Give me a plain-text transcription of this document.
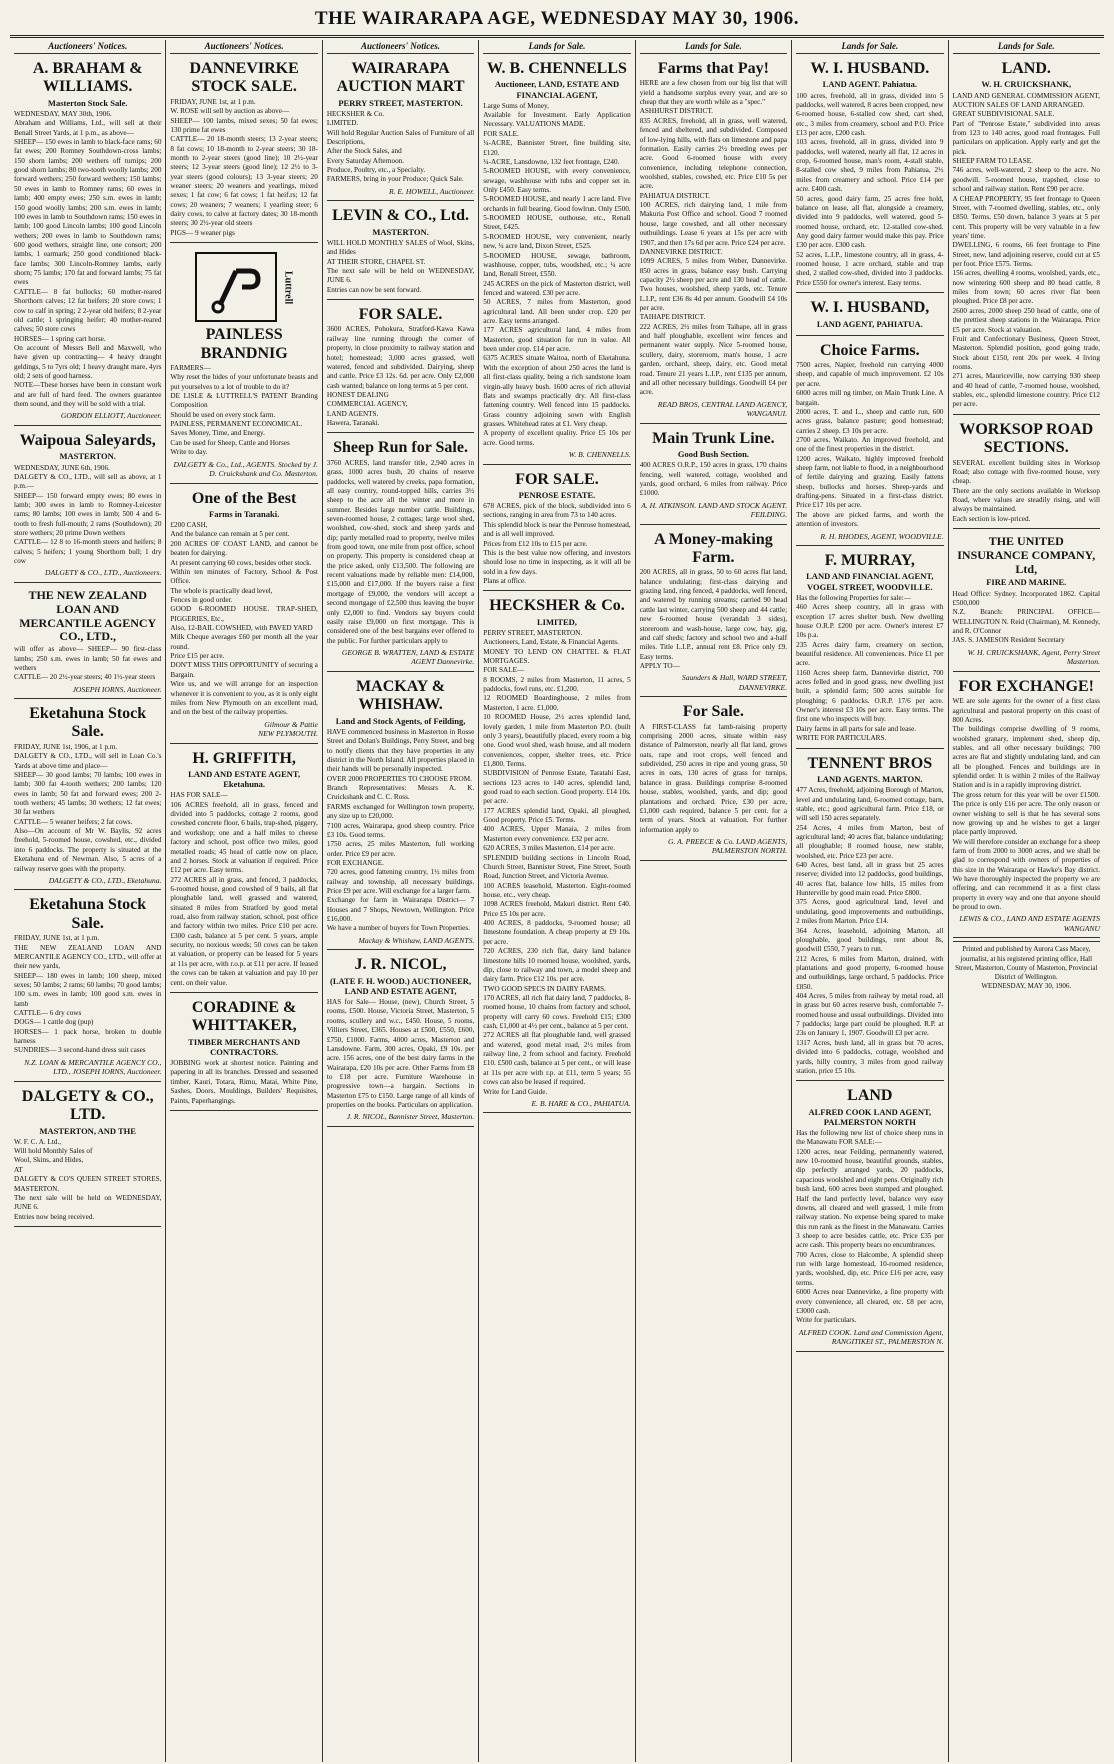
THE WAIRARAPA AGE, WEDNESDAY MAY 30, 1906.
Auctioneers' Notices.
A. BRAHAM & WILLIAMS.
Masterton Stock Sale.
WEDNESDAY, MAY 30th, 1906.
Abraham and Williams, Ltd., will sell at their Benall Street Yards, at 1 p.m., as above—
SHEEP— 150 ewes in lamb to black-face rams; 60 fat ewes; 200 Romney Southdown-cross lambs; 150 shorn lambs; 200 wethers off turnips; 200 good shorn lambs; 80 two-tooth woolly lambs; 200 forward wethers; 250 forward wethers; 150 lambs; 50 ewes in lamb to Romney rams; 60 ewes in lamb; 400 empty ewes; 250 s.m. ewes in lamb; 150 good woolly lambs; 200 s.m. ewes in lamb; 100 ewes in lamb to Southdown rams; 150 ewes in lamb; 100 good Lincoln lambs; 100 good Lincoln wethers; 200 ewes in lamb to Southdown rams; 600 good wethers, straight line, one consort; 200 lambs, 1 earmark; 250 good conditioned black-face lambs; 300 Lincoln-Romney lambs, early shorn; 75 lambs; 170 fat and forward lambs; 75 fat ewes
CATTLE— 8 fat bullocks; 60 mother-reared Shorthorn calves; 12 fat heifers; 20 store cows; 1 cow to calf in spring; 2 2-year old heifers; 8 2-year old cattle; 1 springing heifer; 40 mother-reared calves; 50 store cows
HORSES— 1 spring cart horse.
On account of Messrs Bell and Maxwell, who have given up contracting— 4 heavy draught geldings, 5 to 7yrs old; 1 heavy draught mare, 4yrs old; 2 sets of good harness.
NOTE—These horses have been in constant work and are full of hard feed. The owners guarantee them sound, and they will be sold with a trial.
GORDON ELLIOTT, Auctioneer.
Waipoua Saleyards,
MASTERTON.
WEDNESDAY, JUNE 6th, 1906.
DALGETY & CO., LTD., will sell as above, at 1 p.m.—
SHEEP— 150 forward empty ewes; 80 ewes in lamb; 300 ewes in lamb to Romney-Leicester rams; 80 lambs; 100 ewes in lamb; 500 4 and 6-tooth to fresh full-mouth; 2 rams (Southdown); 20 store wethers; 20 prime Down wethers
CATTLE— 12 8 to 16-month steers and heifers; 8 calves; 5 heifers; 1 young Shorthorn bull; 1 dry cow
DALGETY & CO., LTD., Auctioneers.
THE NEW ZEALAND LOAN AND MERCANTILE AGENCY CO., LTD.,
will offer as above— SHEEP— 90 first-class lambs; 250 s.m. ewes in lamb; 50 fat ewes and wethers
CATTLE— 20 2½-year steers; 40 1½-year steers
JOSEPH IORNS, Auctioneer.
Eketahuna Stock Sale.
FRIDAY, JUNE 1st, 1906, at 1 p.m.
DALGETY & CO., LTD., will sell in Loan Co.'s Yards at above time and place—
SHEEP— 30 good lambs; 70 lambs; 100 ewes in lamb; 300 fat 4-tooth wethers; 200 lambs; 120 ewes in lamb; 50 fat and forward ewes; 200 2-tooth wethers; 45 lambs; 30 wethers; 12 fat ewes; 30 fat wethers
CATTLE— 5 weaner heifers; 2 fat cows.
Also—On account of Mr W. Baylis, 92 acres freehold, 5-roomed house, cowshed, etc., divided into 6 paddocks. The property is situated at the Eketahuna end of Newman. Also, 5 acres of a railway reserve goes with the property.
DALGETY & CO., LTD., Eketahuna.
Eketahuna Stock Sale.
FRIDAY, JUNE 1st, at 1 p.m.
THE NEW ZEALAND LOAN AND MERCANTILE AGENCY CO., LTD., will offer at their new yards,
SHEEP— 180 ewes in lamb; 100 sheep, mixed sexes; 50 lambs; 2 rams; 60 lambs; 70 good lambs; 100 s.m. ewes in lamb; 100 good s.m. ewes in lamb
CATTLE— 6 dry cows
DOGS— 1 cattle dog (pup)
HORSES— 1 pack horse, broken to double harness
SUNDRIES— 3 second-hand dress suit cases
N.Z. LOAN & MERCANTILE AGENCY CO., LTD., JOSEPH IORNS, Auctioneer.
DALGETY & CO., LTD.
MASTERTON, AND THE
W. F. C. A. Ltd.,
Will hold Monthly Sales of
Wool, Skins, and Hides,
AT
DALGETY & CO'S QUEEN STREET STORES, MASTERTON.
The next sale will be held on WEDNESDAY, JUNE 6.
Entries now being received.
Auctioneers' Notices.
DANNEVIRKE STOCK SALE.
FRIDAY, JUNE 1st, at 1 p.m.
W. ROSE will sell by auction as above—
SHEEP— 100 lambs, mixed sexes; 50 fat ewes; 130 prime fat ewes
CATTLE— 20 18-month steers; 13 2-year steers; 8 fat cows; 10 18-month to 2-year steers; 30 18-month to 2-year steers (good line); 10 2½-year steers; 12 3-year steers (good line); 12 2½ to 3-year steers (good colours); 13 3-year steers; 20 weaner steers; 20 weaners and yearlings, mixed sexes; 1 fat cow; 6 fat cows; 1 fat heif.rs; 12 fat cows; 20 weaners; 7 weaners; 1 yearling steer; 6 dairy cows, to calve at factory dates; 30 18-month steers; 30 2½-year old steers
PIGS— 9 weaner pigs
Luttrell
PAINLESS BRANDNIG
FARMERS—
Why reset the hides of your unfortunate beasts and put yourselves to a lot of trouble to do it?
DE LISLE & LUTTRELL'S PATENT Branding Composition
Should be used on every stock farm.
PAINLESS, PERMANENT ECONOMICAL.
Saves Money, Time, and Energy.
Can be used for Sheep, Cattle and Horses
Write to day.
DALGETY & Co., Ltd., AGENTS. Stocked by J. D. Cruickshank and Co. Masterton.
One of the Best
Farms in Taranaki.
£200 CASH,
And the balance can remain at 5 per cent.
200 ACRES OF COAST LAND, and cannot be beaten for dairying.
At present carrying 60 cows, besides other stock.
Within ten minutes of Factory, School & Post Office.
The whole is practically dead level,
Fences in good order.
GOOD 6-ROOMED HOUSE. TRAP-SHED, PIGGERIES, Etc.,
Also, 12-BAIL COWSHED, with PAVED YARD
Milk Cheque averages £60 per month all the year round.
Price £15 per acre.
DON'T MISS THIS OPPORTUNITY of securing a Bargain.
Wire us, and we will arrange for an inspection whenever it is convenient to you, as it is only eight miles from New Plymouth on an excellent road, and on the best of the railway properties.
Gilmour & Pattie
NEW PLYMOUTH.
H. GRIFFITH,
LAND AND ESTATE AGENT, Eketahuna.
HAS FOR SALE—
106 ACRES freehold, all in grass, fenced and divided into 5 paddocks, cottage 2 rooms, good cowshed concrete floor, 6 bails, trap-shed, piggery, and workshop; one and a half miles to cheese factory and school, post office two miles, good metalled roads; 45 head of cattle now on place, and 2 horses. Stock at valuation if required. Price £12 per acre. Easy terms.
272 ACRES all in grass, and fenced, 3 paddocks, 6-roomed house, good cowshed of 9 bails, all flat ploughable land, well grassed and watered, situated 8 miles from Stratford by good metal road, also from railway station, school, post office and factory within two miles. Price £10 per acre. £300 cash, balance at 5 per cent. 5 years, ample security, no noxious weeds; 50 cows can be taken at valuation, or property can be leased for 5 years at 11s per acre, with r.o.p. at £11 per acre. If leased the cows can be taken at valuation and pay 10 per cent. on their value.
CORADINE & WHITTAKER,
TIMBER MERCHANTS AND CONTRACTORS.
JOBBING work at shortest notice. Painting and papering in all its branches. Dressed and seasoned timber, Kauri, Totara, Rimu, Matai, White Pine, Sashes, Doors, Mouldings, Builders' Requisites, Paints, Paperhangings.
Auctioneers' Notices.
WAIRARAPA AUCTION MART
PERRY STREET, MASTERTON.
HECKSHER & Co.
LIMITED.
Will hold Regular Auction Sales of Furniture of all Descriptions,
After the Stock Sales, and
Every Saturday Afternoon.
Produce, Poultry, etc., a Specialty.
FARMERS, bring in your Produce; Quick Sale.
R. E. HOWELL, Auctioneer.
LEVIN & CO., Ltd.
MASTERTON.
WILL HOLD MONTHLY SALES of Wool, Skins, and Hides
AT THEIR STORE, CHAPEL ST.
The next sale will be held on WEDNESDAY, JUNE 6.
Entries can now be sent forward.
FOR SALE.
3600 ACRES, Pohokura, Stratford-Kawa Kawa railway line running through the corner of property, in close proximity to railway station and hotel; homestead; 3,000 acres grassed, well watered, fenced and subdivided. Dairying, sheep and cattle. Price £3 12s. 6d. per acre. Only £2,000 cash wanted; balance on long terms at 5 per cent.
HONEST DEALING
COMMERCIAL AGENCY,
LAND AGENTS.
Hawera, Taranaki.
Sheep Run for Sale.
3760 ACRES, land transfer title, 2,940 acres in grass, 1000 acres bush, 20 chains of reserve paddocks, well watered by creeks, papa formation, all easy country, round-topped hills, carries 3½ sheep to the acre all the winter and more in summer. Besides large number cattle. Buildings, seven-roomed house, 2 cottages; large wool shed, woolshed, cow-shed, stock and sheep yards and dip; partly metalled road to property, twelve miles from good town, one mile from post office, school on property. This property is considered cheap at the price asked, only £13,500. The following are recent valuations made by reliable men: £14,000, £15,000 and £17,000. If the buyers raise a first mortgage of £9,000, the vendors will accept a second mortgage of £2,500 thus leaving the buyer only £2,000 to find. Vendors say buyers could easily raise £9,000 on first mortgage. This is considered one of the best bargains ever offered to the public. For further particulars apply to
GEORGE B. WRATTEN, LAND & ESTATE AGENT Dannevirke.
MACKAY & WHISHAW.
Land and Stock Agents, of Feilding,
HAVE commenced business in Masterton in Rosse Street and Dolan's Buildings, Perry Street, and beg to notify clients that they have properties in any district in the North Island. All properties placed in their hands will be personally inspected.
OVER 2000 PROPERTIES TO CHOOSE FROM.
Branch Representatives: Messrs A. K. Cruickshank and C. C. Ross.
FARMS exchanged for Wellington town property, any size up to £20,000.
7100 acres, Wairarapa, good sheep country. Price £3 10s. Good terms.
1750 acres, 25 miles Masterton, full working order. Price £9 per acre.
FOR EXCHANGE.
720 acres, good fattening country, 1½ miles from railway and township, all necessary buildings. Price £9 per acre. Will exchange for a larger farm.
Exchange for farm in Wairarapa District— 7 Houses and 7 Shops, Newtown, Wellington. Price £16,000.
We have a number of buyers for Town Properties.
Mackay & Whishaw, LAND AGENTS.
J. R. NICOL,
(LATE F. H. WOOD.) AUCTIONEER, LAND AND ESTATE AGENT,
HAS for Sale— House, (new), Church Street, 5 rooms, £500. House, Victoria Street, Masterton, 5 rooms, scullery and w.c., £450. House, 5 rooms, Villiers Street, £365. Houses at £500, £550, £600, £750, £1000. Farms, 4000 acres, Masterton and Lansdowne. Farm, 300 acres, Opaki, £9 10s. per acre. 156 acres, one of the best dairy farms in the Wairarapa, £20 10s per acre. Other Farms from £8 to £18 per acre. Furniture Warehouse in progressive town—a bargain. Sections in Masterton £75 to £150. Large range of all kinds of properties on the books. Particulars on application.
J. R. NICOL, Bannister Street, Masterton.
Lands for Sale.
W. B. CHENNELLS
Auctioneer, LAND, ESTATE AND FINANCIAL AGENT,
Large Sums of Money,
Available for Investment. Early Application Necessary. VALUATIONS MADE.
FOR SALE.
¼-ACRE, Bannister Street, fine building site, £120.
¼-ACRE, Lansdowne, 132 feet frontage, £240.
5-ROOMED HOUSE, with every convenience, sewage, washhouse with tubs and copper set in. Only £450. Easy terms.
5-ROOMED HOUSE, and nearly 1 acre land. Five orchards in full bearing. Good fowlrun. Only £500.
5-ROOMED HOUSE, outhouse, etc., Renall Street, £425.
5-ROOMED HOUSE, very convenient, nearly new, ¼ acre land, Dixon Street, £525.
5-ROOMED HOUSE, sewage, bathroom, washhouse, copper, tubs, woodshed, etc.; ¼ acre land, Renall Street, £550.
245 ACRES on the pick of Masterton district, well fenced and watered. £30 per acre.
50 ACRES, 7 miles from Masterton, good agricultural land. All been under crop. £20 per acre. Easy terms arranged.
177 ACRES agricultural land, 4 miles from Masterton, good situation for run in value. All been under crop. £14 per acre.
6375 ACRES situate Waitoa, north of Eketahuna. With the exception of about 250 acres the land is all first-class quality, being a rich sandstone loam virgin-ally heavy bush. 1600 acres of rich alluvial flats and swamps practically dry. All first-class fattening country. Well fenced into 15 paddocks. Grass country adjoining sown with English grasses. Whitehead rates at £1. Very cheap.
A property of excellent quality. Price £5 10s per acre. Good terms.
W. B. CHENNELLS.
FOR SALE.
PENROSE ESTATE.
678 ACRES, pick of the block, subdivided into 6 sections, ranging in area from 73 to 140 acres.
This splendid block is near the Penrose homestead, and is all well improved.
Prices from £12 10s to £15 per acre.
This is the best value now offering, and investors should lose no time in inspecting, as it will all be sold in a few days.
Plans at office.
HECKSHER & Co.
LIMITED,
PERRY STREET, MASTERTON.
Auctioneers, Land, Estate, & Financial Agents.
MONEY TO LEND ON CHATTEL & FLAT MORTGAGES.
FOR SALE—
8 ROOMS, 2 miles from Masterton, 11 acres, 5 paddocks, fowl runs, etc. £1,200.
12 ROOMED Boardinghouse, 2 miles from Masterton, 1 acre. £1,000.
10 ROOMED House, 2½ acres splendid land, lovely garden, 1 mile from Masterton P.O. (built only 3 years), beautifully placed, every room a big one. Good wool shed, wash house, and all modern conveniences, copper, shelter trees, etc. Price £1,800. Terms.
SUBDIVISION of Penrose Estate, Taratahi East, sections 123 acres to 140 acres, splendid land, good road to each section. Good property. £14 10s. per acre.
177 ACRES splendid land, Opaki, all ploughed, Good property. Price £5. Terms.
400 ACRES, Upper Manaia, 2 miles from Masterton every convenience. £32 per acre.
620 ACRES, 3 miles Masterton, £14 per acre.
SPLENDID building sections in Lincoln Road, Church Street, Bannister Street, Fine Street, South Road, Junction Street, and Victoria Avenue.
100 ACRES leasehold, Masterton. Eight-roomed house, etc., very cheap.
1098 ACRES freehold, Makuri district. Rent £40. Price £5 10s per acre.
400 ACRES, 8 paddocks, 9-roomed house; all limestone foundation. A cheap property at £9 10s. per acre.
720 ACRES, 230 rich flat, dairy land balance limestone hills 10 roomed house, woolshed, yards, dip, close to railway and town, a model sheep and dairy farm. Price £12 10s. per acre.
TWO GOOD SPECS IN DAIRY FARMS.
170 ACRES, all rich flat dairy land, 7 paddocks, 8-roomed house, 10 chains from factory and school, property will carry 60 cows. Freehold £15; £300 cash, £1,000 at 4½ per cent., balance at 5 per cent.
272 ACRES all flat ploughable land, well grassed and watered, good metal road, 2½ miles from railway line, 2 from school and factory. Freehold £10. £500 cash, balance at 5 per cent., or will lease at 11s per acre with r.p. at £11, term 5 years; 55 cows can also be leased if required.
Write for Land Guide.
E. B. HARE & CO., PAHIATUA.
Lands for Sale.
Farms that Pay!
HERE are a few chosen from our big list that will yield a handsome surplus every year, and are so cheap that they are worth while as a "spec."
ASHHURST DISTRICT.
835 ACRES, freehold, all in grass, well watered, fenced and sheltered, and subdivided. Composed of low-lying hills, with flats on limestone and papa formation. Easily carries 2½ breeding ewes per acre. Good 6-roomed house with every convenience, including telephone connection, woolshed, stables, cowshed, etc. Price £10 5s per acre.
PAHIATUA DISTRICT.
100 ACRES, rich dairying land, 1 mile from Makuria Post Office and school. Good 7 roomed house, large cowshed, and all other necessary outbuildings. Lease 6 years at 15s per acre with 1907, and then 17s 6d per acre. Price £24 per acre.
DANNEVIRKE DISTRICT.
1099 ACRES, 5 miles from Weber, Dannevirke. 850 acres in grass, balance easy bush. Carrying capacity 2½ sheep per acre and 130 head of cattle. Two houses, woolshed, sheep yards, etc. Tenure L.I.P., rent £36 8s 4d per annum. Goodwill £4 10s per acre.
TAIHAPE DISTRICT.
222 ACRES, 2½ miles from Taihape, all in grass and half ploughable, excellent wire fences and permanent water supply. Nice 5-roomed house, scullery, dairy, storeroom, man's house, 1 acre garden, orchard, sheep, dairy, etc. Good metal road. Tenure 21 years L.I.P., rent £135 per annum, and all other necessary buildings. Goodwill £4 per acre.
READ BROS, CENTRAL LAND AGENCY, WANGANUI.
Main Trunk Line.
Good Bush Section.
400 ACRES O.R.P., 150 acres in grass, 170 chains fencing, well watered, cottage, woolshed and yards, good orchard, 6 miles from railway. Price £1000.
A. H. ATKINSON. LAND AND STOCK AGENT. FEILDING.
A Money-making Farm.
200 ACRES, all in grass, 50 to 60 acres flat land, balance undulating; first-class dairying and grazing land, ring fenced, 4 paddocks, well fenced, and watered by running streams; carried 90 head cattle last winter, carrying 500 sheep and 44 cattle; new 6-roomed house (verandah 3 sides), storeroom and wash-house, large cow, bay, gig, and calf sheds; factory and school two and a-half miles. Title L.I.P., annual rent £8. Price only £9. Easy terms.
APPLY TO—
Saunders & Hall, WARD STREET, DANNEVIRKE.
For Sale.
A FIRST-CLASS fat lamb-raising property comprising 2000 acres, situate within easy distance of Palmerston, nearly all flat land, grows oats, rape and root crops, well fenced and subdivided, 250 acres in ripe and young grass, 50 acres in oats, 130 acres of grass for turnips, balance in grass. Buildings comprise 8-roomed house, stables, woolshed, yards, and dip; good plantations and orchard. Price, £30 per acre, £1,000 cash required, balance 5 per cent. for a term of years. Stock at valuation. For further information apply to
G. A. PREECE & Co. LAND AGENTS, PALMERSTON NORTH.
Lands for Sale.
W. I. HUSBAND.
LAND AGENT. Pahiatua.
100 acres, freehold, all in grass, divided into 5 paddocks, well watered, 8 acres been cropped, new 6-roomed house, 6-stalled cow shed, cart shed, etc., 3 miles from creamery, school and P.O. Price £13 per acre, £200 cash.
103 acres, freehold, all in grass, divided into 9 paddocks, well watered, nearly all flat, 12 acres in crop, 6-roomed house, man's room, 4-stall stable, 8-stalled cow shed, 9 miles from Pahiatua, 2½ miles from creamery and school. Price £14 per acre. £400 cash.
50 acres, good dairy farm, 25 acres free hold, balance on lease, all flat, alongside a creamery, divided into 9 paddocks, well watered, good 5-roomed house, orchard, etc. 12-stalled cow-shed. Any good dairy farmer would make this pay. Price £30 per acre. £300 cash.
52 acres, L.I.P., limestone country, all in grass, 4-roomed house, 1 acre orchard, stable and trap shed, 2 stalled cow-shed, divided into 3 paddocks. Price £550 for owner's interest. Easy terms.
W. I. HUSBAND,
LAND AGENT, PAHIATUA.
Choice Farms.
7500 acres, Napier, freehold run carrying 4000 sheep, and capable of much improvement. £2 10s per acre.
6000 acres mill ng timber, on Main Trunk Line. A bargain.
2000 acres, T. and L., sheep and cattle run, 600 acres grass, balance pasture; good homestead; carries 2 sheep. £3 10s per acre.
2700 acres, Waikato. An improved freehold, and one of the finest properties in the district.
1200 acres, Waikato, highly improved freehold sheep farm, not liable to flood, in a neighbourhood of fertile dairying and grazing. Easily fattens sheep, bullocks and horses. Sheep-yards and drafting-pens. Situated in a first-class district. Price £17 10s per acre.
The above are picked farms, and worth the attention of investors.
R. H. RHODES, AGENT, WOODVILLE.
F. MURRAY,
LAND AND FINANCIAL AGENT, VOGEL STREET, WOODVILLE.
Has the following Properties for sale:—
460 Acres sheep country, all in grass with exception 17 acres shelter bush. New dwelling house O.R.P. £200 per acre. Owner's interest £7 10s p.a.
235 Acres dairy farm, creamery on section, beautiful residence. All conveniences. Price £1 per acre.
1160 Acres sheep farm, Dannevirke district, 700 acres felled and in good grass, new dwelling just built, a splendid farm; 500 acres suitable for ploughing; 6 paddocks. O.R.P. 17/6 per acre. Owner's interest £3 10s per acre. Easy terms. The first one who inspects will buy.
Dairy farms in all parts for sale and lease.
WRITE FOR PARTICULARS.
TENNENT BROS
LAND AGENTS. MARTON.
477 Acres, freehold, adjoining Borough of Marton, level and undulating land, 6-roomed cottage, barn, stable, etc.; good agricultural farm. Price £18, or will sell 150 acres separately.
254 Acres, 4 miles from Marton, best of agricultural land; 40 acres flat, balance undulating; all ploughable; 8 roomed house, new stable, woolshed, etc. Price £23 per acre.
640 Acres, best land, all in grass but 25 acres reserve; divided into 12 paddocks, good buildings, 40 acres flat, balance low hills, 15 miles from Hunterville by good main road. Price £800.
375 Acres, good agricultural land, level and undulating, good improvements and outbuildings, 2 miles from Marton. Price £14.
364 Acres, leasehold, adjoining Marton, all ploughable, good buildings, rent about 8s, goodwill £550, 7 years to run.
212 Acres, 6 miles from Marton, drained, with plantations and good property, 6-roomed house and outbuildings, large orchard, 5 paddocks. Price £850.
404 Acres, 5 miles from railway by metal road, all in grass but 60 acres reserve bush, comfortable 7-roomed house and usual outbuildings. Divided into 7 paddocks; large part could be ploughed. R.P. at 23s on January 1, 1907. Goodwill £3 per acre.
1317 Acres, bush land, all in grass but 70 acres, divided into 6 paddocks, cottage, woolshed and yards, hilly country, 3 miles from good railway station, price £5 10s.
LAND
ALFRED COOK LAND AGENT, PALMERSTON NORTH
Has the following new list of choice sheep runs in the Manawatu FOR SALE:—
1200 acres, near Feilding, permanently watered, new 10-roomed house, beautiful grounds, stables, dip perfectly arranged yards, 20 paddocks, capacious woolshed and eight pens. Originally rich bush land, 600 acres been stumped and ploughed. Half the land perfectly level, balance very easy downs, all cleared and well grassed, 1 mile from railway station. No expense being spared to make this run rank as the finest in the Manawatu. Carries 3 sheep to acre besides cattle, etc. Price £35 per acre cash. This property bears no encumbrances.
700 Acres, close to Halcombe, A splendid sheep run with large homestead, 10-roomed residence, yards, woolshed, dip, etc. Price £16 per acre, easy terms.
6000 Acres near Dannevirke, a fine property with every convenience, all cleared, etc. £8 per acre, £3000 cash.
Write for particulars.
ALFRED COOK. Land and Commission Agent, RANGITIKEI ST., PALMERSTON N.
Lands for Sale.
LAND.
W. H. CRUICKSHANK,
LAND AND GENERAL COMMISSION AGENT, AUCTION SALES OF LAND ARRANGED.
GREAT SUBDIVISIONAL SALE.
Part of "Penrose Estate," subdivided into areas from 123 to 140 acres, good road frontages. Full particulars on application. Apply early and get the pick.
SHEEP FARM TO LEASE.
746 acres, well-watered, 2 sheep to the acre. No goodwill. 5-roomed house, trapshed, close to school and railway station. Rent £90 per acre.
A CHEAP PROPERTY, 95 feet frontage to Queen Street, with 7-roomed dwelling, stables, etc., only £850. Terms, £50 down, balance 3 years at 5 per cent. This property will be very valuable in a few years' time.
DWELLING, 6 rooms, 66 feet frontage to Pine Street, new, land adjoining reserve, could cut at £5 per foot. Price £575. Terms.
156 acres, dwelling 4 rooms, woolshed, yards, etc., now wintering 600 sheep and 80 head cattle, 8 miles from town; 60 acres river flat been ploughed. Price £8 per acre.
2600 acres, 2000 sheep 250 head of cattle, one of the prettiest sheep stations in the Wairarapa. Price £5 per acre. Stock at valuation.
Fruit and Confectionary Business, Queen Street, Masterton. Splendid position, good going trade, Stock about £150, rent 20s per week. 4 living rooms.
271 acres, Mauriceville, now carrying 930 sheep and 40 head of cattle, 7-roomed house, woolshed, stables, etc., splendid limestone country. Price £12 per acre.
WORKSOP ROAD SECTIONS.
SEVERAL excellent building sites in Worksop Road; also cottage with five-roomed house, very cheap.
There are the only sections available in Worksop Road, where values are steadily rising, and will always be maintained.
Each section is low-priced.
THE UNITED INSURANCE COMPANY, Ltd,
FIRE AND MARINE.
Head Office: Sydney. Incorporated 1862. Capital £500,000
N.Z. Branch: PRINCIPAL OFFICE—WELLINGTON N. Reid (Chairman), M. Kennedy, and R. O'Connor
JAS. S. JAMESON Resident Secretary
W. H. CRUICKSHANK, Agent, Perry Street Masterton.
FOR EXCHANGE!
WE are sole agents for the owner of a first class agricultural and pastoral property on this coast of 800 Acres.
The buildings comprise dwelling of 9 rooms, woolshed granary, implement shed, sheep dip, stables, and all other necessary buildings; 700 acres are flat and slightly undulating land, and can all be ploughed. Fences and buildings are in splendid order. It is within 2 miles of the Railway Station and is in a rapidly improving district.
The gross return for this year will be over £1500. The price is only £16 per acre. The only reason or owner wishing to sell is that he has several sons now growing up and he wishes to get a larger place partly improved.
We will therefore consider an exchange for a sheep farm of from 2000 to 3000 acres, and we shall be glad to correspond with owners of properties of this size in the Wairarapa or Hawke's Bay district. We have thoroughly inspected the property we are offering, and can recommend it as a first class property in every way and one that anyone should be proud to own.
LEWIS & CO., LAND AND ESTATE AGENTS WANGANU
Printed and published by Aurora Cass Macey, journalist, at his registered printing office, Hall Street, Masterton, County of Masterton, Provincial District of Wellington.
WEDNESDAY, MAY 30, 1906.
